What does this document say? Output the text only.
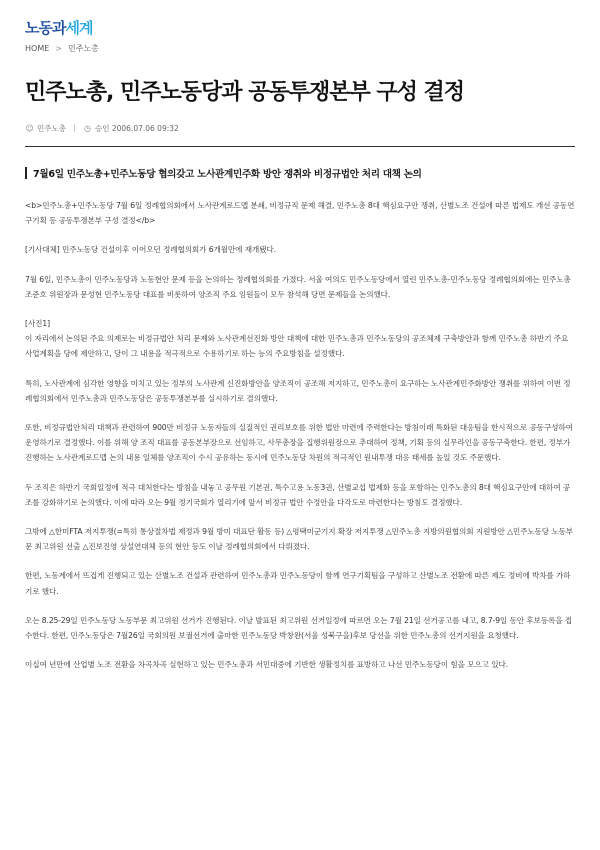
노동과세계
HOME > 민주노총
민주노총, 민주노동당과 공동투쟁본부 구성 결정
☺ 민주노총 ◷ 승인 2006.07.06 09:32
7월6일 민주노총+민주노동당 협의갖고 노사관계민주화 방안 쟁취와 비정규법안 처리 대책 논의

<b>민주노총+민주노동당 7월 6일 정례협의회에서 노사관계로드맵 분쇄, 비정규직 문제 해결, 민주노총 8대 핵심요구안 쟁취, 산별노조 건설에 따른 법제도 개선 공동연구기획 등 공동투쟁본부 구성 결정</b>

[기사대체] 민주노동당 건설이후 이어오던 정례협의회가 6개월만에 재개됐다.

7월 6일, 민주노총이 민주노동당과 노동현안 문제 등을 논의하는 정례협의회를 가졌다. 서울 여의도 민주노동당에서 열린 민주노총-민주노동당 정례협의회에는 민주노총 조준호 위원장과 문성현 민주노동당 대표를 비롯하여 양조직 주요 임원들이 모두 참석해 당면 문제들을 논의했다.

[사진1]
이 자리에서 논의된 주요 의제로는 비정규법안 처리 문제와 노사관계선진화 방안 대책에 대한 민주노총과 민주노동당의 공조체제 구축방안과 함께 민주노총 하반기 주요사업계획을 당에 제안하고, 당이 그 내용을 적극적으로 수용하기로 하는 능의 주요방침을 설정했다.

특히, 노사관계에 심각한 영향을 미치고 있는 정부의 노사관계 신진화방안을 양조직이 공조해 저지하고, 민주노총이 요구하는 노사관계민주화방안 쟁취를 위하여 이번 정례협의회에서 민주노총과 민주노동당은 공동투쟁본부를 실시하기로 결의했다.

또한, 비정규법안처리 대책과 관련하여 900만 비정규 노동자들의 실질적인 권리보호를 위한 법안 마련에 주력한다는 방침이래 특화된 대응팀을 한시적으로 공동구성하여 운영하기로 결정했다. 이를 위해 양 조직 대표를 공동본부장으로 선임하고, 사무총장을 집행위원장으로 추대하여 정책, 기획 등의 실무라인을 공동구축한다. 한편, 정부가 진행하는 노사관계로드맵 논의 내용 일체를 양조직이 수시 공유하는 동시에 민주노동당 차원의 적극적인 원내투쟁 대응 태세를 높일 것도 주문했다.

두 조직은 하반기 국회일정에 적극 대처한다는 방침을 내놓고 공무원 기본권, 특수고용 노동3권, 산별교섭 법제화 등을 포함하는 민주노총의 8대 핵심요구안에 대하여 공조를 강화하기로 논의했다. 이에 따라 오는 9월 정기국회가 열리기에 앞서 비정규 법안 수정안을 다각도로 마련한다는 방침도 결정했다.

그밖에 △한미FTA 저지투쟁(=특히 통상절차법 제정과 9월 방미 대표단 활동 등) △평택미군기지 확장 저지투쟁 △민주노총 지방의원협의회 지원방안 △민주노동당 노동부문 최고위원 선출 △진보진영 상설연대체 등의 현안 등도 이날 정례협의회에서 다뤄졌다.

한편, 노동계에서 뜨겁게 진행되고 있는 산별노조 건설과 관련하여 민주노총과 민주노동당이 함께 연구기획팀을 구성하고 산별노조 전환에 따른 제도 정비에 박차를 가하기로 했다.

오는 8.25-29일 민주노동당 노동부문 최고위원 선거가 진행된다. 이날 발표된 최고위원 선거일정에 따르면 오는 7월 21일 선거공고를 내고, 8.7-9일 동안 후보등록을 접수한다. 한편, 민주노동당은 7월26일 국회의원 보궐선거에 출마한 민주노동당 박창완(서울 성북구을)후보 당선을 위한 민주노총의 선거지원을 요청했다.

이십여 년만에 산업별 노조 전환을 차곡차곡 실현하고 있는 민주노총과 서민대중에 기반한 생활정치를 표방하고 나선 민주노동당이 힘을 모으고 있다.
